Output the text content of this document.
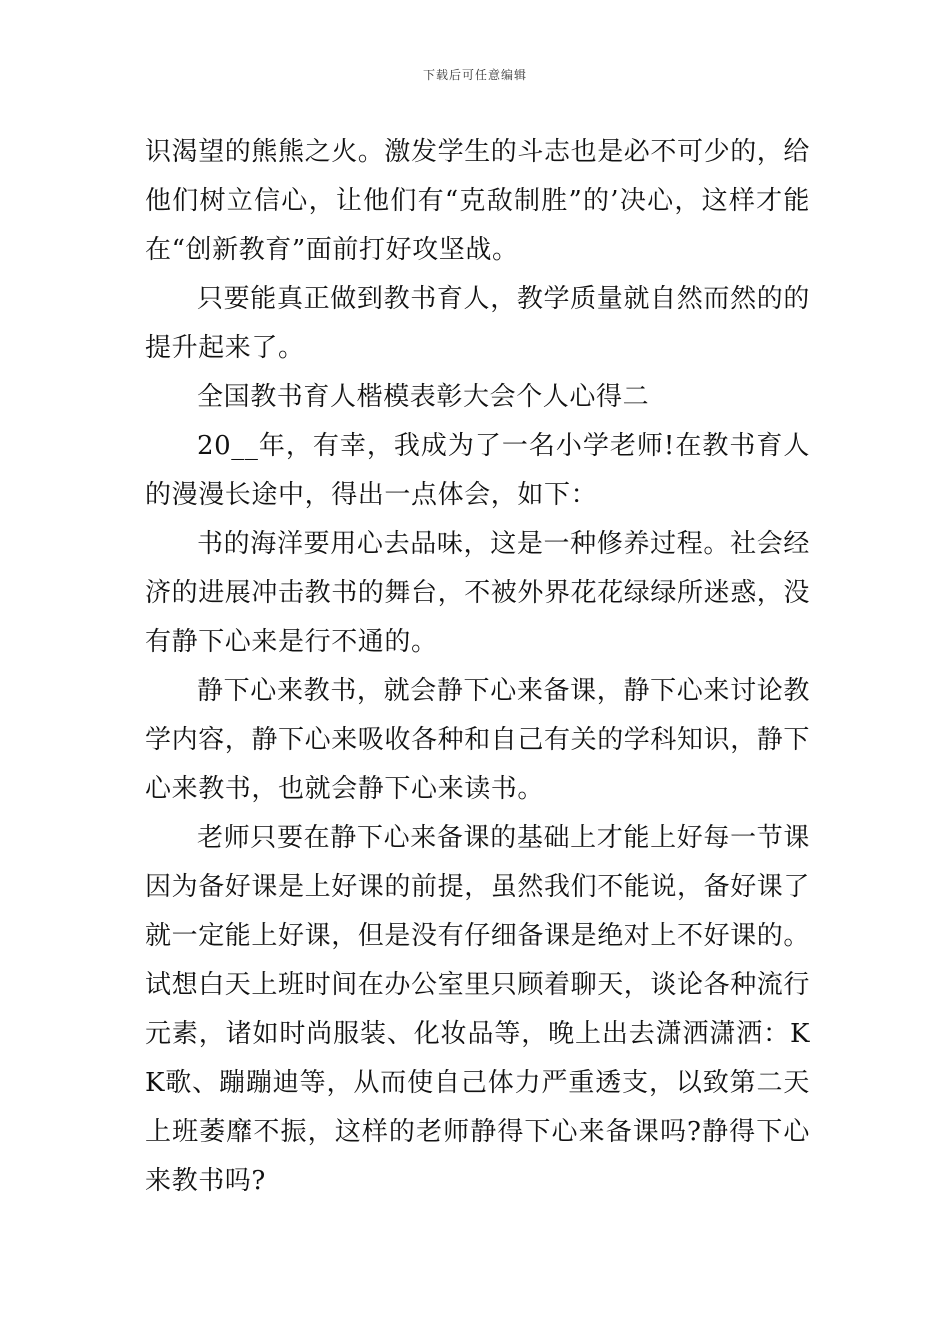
下载后可任意编辑

识渴望的熊熊之火。激发学生的斗志也是必不可少的，给他们树立信心，让他们有“克敌制胜”的’决心，这样才能在“创新教育”面前打好攻坚战。

只要能真正做到教书育人，教学质量就自然而然的的提升起来了。

全国教书育人楷模表彰大会个人心得二

20__年，有幸，我成为了一名小学老师!在教书育人的漫漫长途中，得出一点体会，如下：

书的海洋要用心去品味，这是一种修养过程。社会经济的进展冲击教书的舞台，不被外界花花绿绿所迷惑，没有静下心来是行不通的。

静下心来教书，就会静下心来备课，静下心来讨论教学内容，静下心来吸收各种和自己有关的学科知识，静下心来教书，也就会静下心来读书。

老师只要在静下心来备课的基础上才能上好每一节课因为备好课是上好课的前提，虽然我们不能说，备好课了就一定能上好课，但是没有仔细备课是绝对上不好课的。试想白天上班时间在办公室里只顾着聊天，谈论各种流行元素，诸如时尚服装、化妆品等，晚上出去潇洒潇洒：KK歌、蹦蹦迪等，从而使自己体力严重透支，以致第二天上班萎靡不振，这样的老师静得下心来备课吗?静得下心来教书吗?
